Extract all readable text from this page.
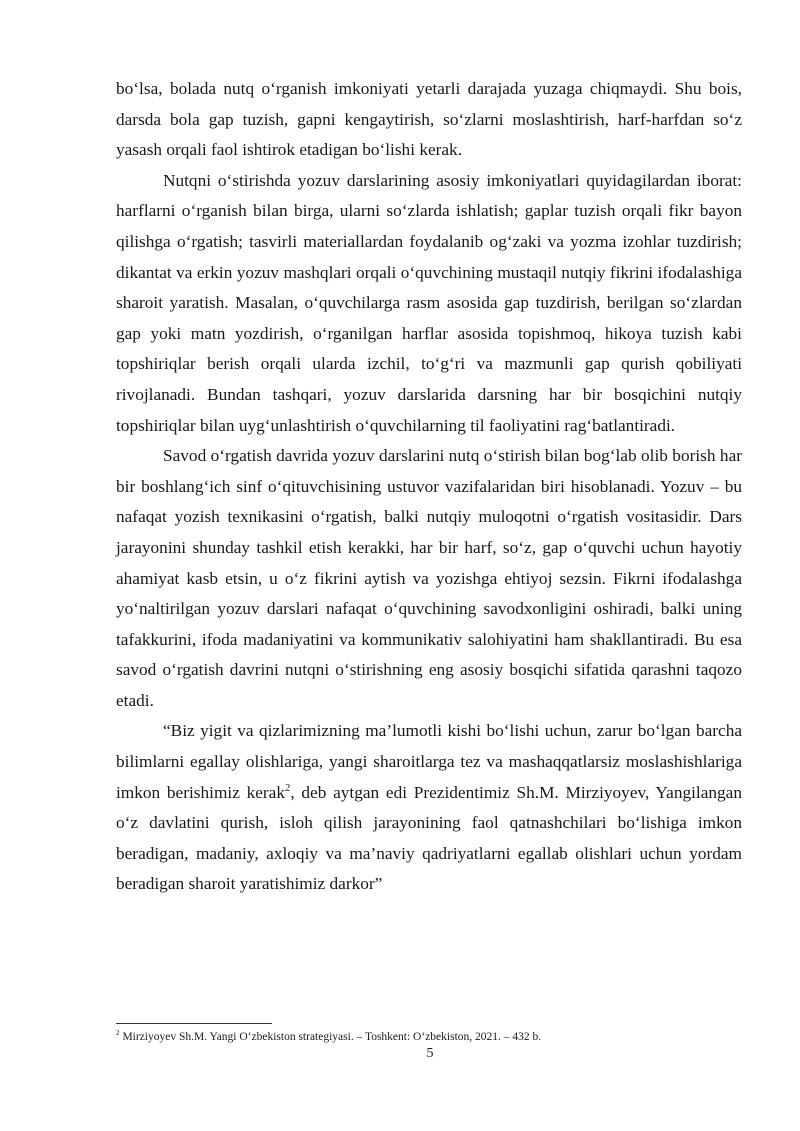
bo‘lsa, bolada nutq o‘rganish imkoniyati yetarli darajada yuzaga chiqmaydi. Shu bois, darsda bola gap tuzish, gapni kengaytirish, so‘zlarni moslashtirish, harf-harfdan so‘z yasash orqali faol ishtirok etadigan bo‘lishi kerak.

Nutqni o‘stirishda yozuv darslarining asosiy imkoniyatlari quyidagilardan iborat: harflarni o‘rganish bilan birga, ularni so‘zlarda ishlatish; gaplar tuzish orqali fikr bayon qilishga o‘rgatish; tasvirli materiallardan foydalanib og‘zaki va yozma izohlar tuzdirish; dikantat va erkin yozuv mashqlari orqali o‘quvchining mustaqil nutqiy fikrini ifodalashiga sharoit yaratish. Masalan, o‘quvchilarga rasm asosida gap tuzdirish, berilgan so‘zlardan gap yoki matn yozdirish, o‘rganilgan harflar asosida topishmoq, hikoya tuzish kabi topshiriqlar berish orqali ularda izchil, to‘g‘ri va mazmunli gap qurish qobiliyati rivojlanadi. Bundan tashqari, yozuv darslarida darsning har bir bosqichini nutqiy topshiriqlar bilan uyg‘unlashtirish o‘quvchilarning til faoliyatini rag‘batlantiradi.

Savod o‘rgatish davrida yozuv darslarini nutq o‘stirish bilan bog‘lab olib borish har bir boshlang‘ich sinf o‘qituvchisining ustuvor vazifalaridan biri hisoblanadi. Yozuv – bu nafaqat yozish texnikasini o‘rgatish, balki nutqiy muloqotni o‘rgatish vositasidir. Dars jarayonini shunday tashkil etish kerakki, har bir harf, so‘z, gap o‘quvchi uchun hayotiy ahamiyat kasb etsin, u o‘z fikrini aytish va yozishga ehtiyoj sezsin. Fikrni ifodalashga yo‘naltirilgan yozuv darslari nafaqat o‘quvchining savodxonligini oshiradi, balki uning tafakkurini, ifoda madaniyatini va kommunikativ salohiyatini ham shakllantiradi. Bu esa savod o‘rgatish davrini nutqni o‘stirishning eng asosiy bosqichi sifatida qarashni taqozo etadi.

“Biz yigit va qizlarimizning ma’lumotli kishi bo‘lishi uchun, zarur bo‘lgan barcha bilimlarni egallay olishlariga, yangi sharoitlarga tez va mashaqqatlarsiz moslashishlariga imkon berishimiz kerak$^2$, deb aytgan edi Prezidentimiz Sh.M. Mirziyoyev, Yangilangan o‘z davlatini qurish, isloh qilish jarayonining faol qatnashchilari bo‘lishiga imkon beradigan, madaniy, axloqiy va ma’naviy qadriyatlarni egallab olishlari uchun yordam beradigan sharoit yaratishimiz darkor”

$^2$ Mirziyoyev Sh.M. Yangi O‘zbekiston strategiyasi. – Toshkent: O‘zbekiston, 2021. – 432 b.

5
